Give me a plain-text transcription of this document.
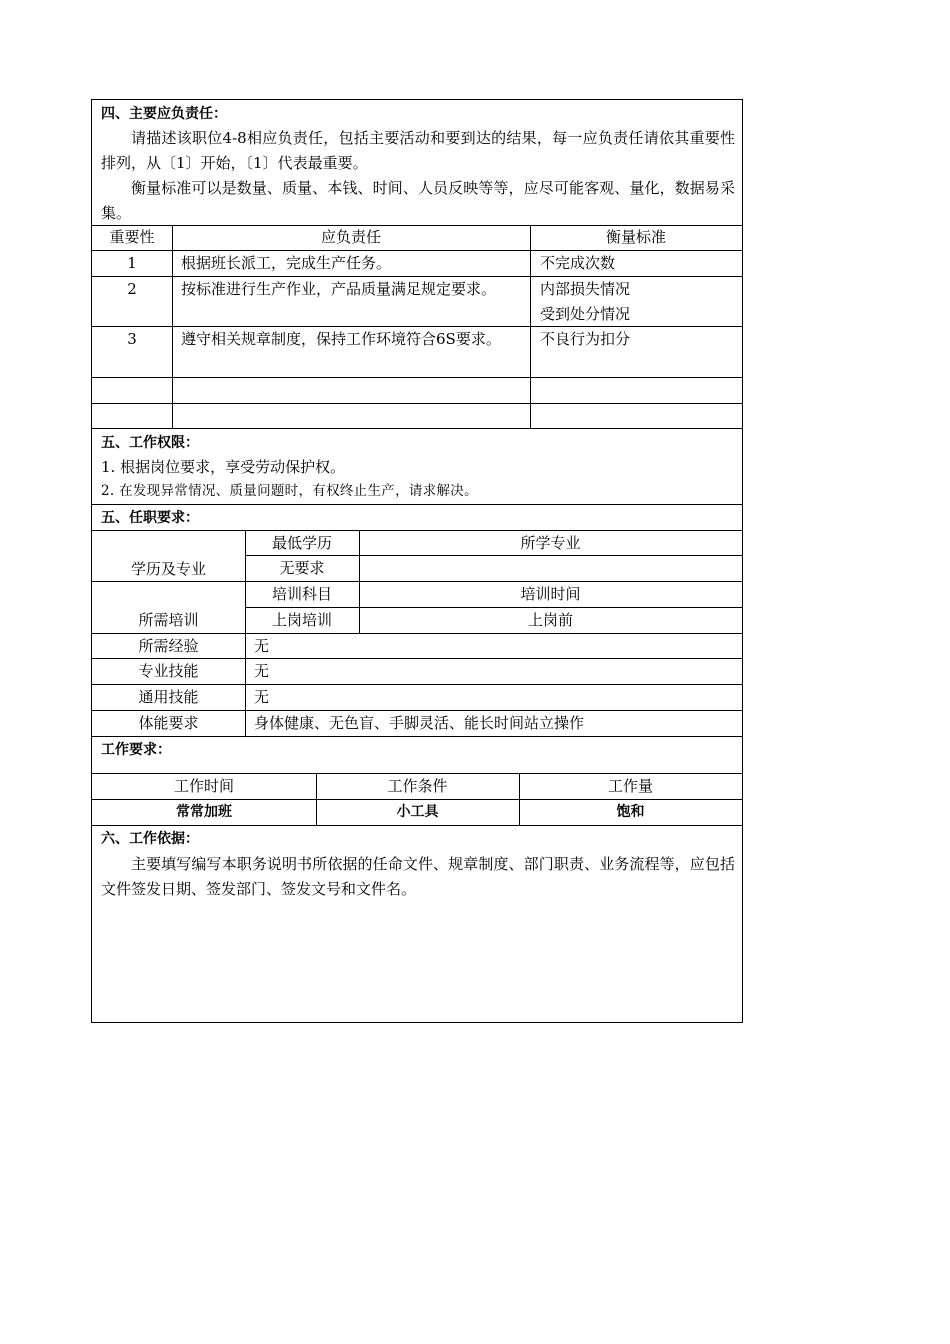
四、主要应负责任：
请描述该职位4-8相应负责任，包括主要活动和要到达的结果，每一应负责任请依其重要性排列，从〔1〕开始，〔1〕代表最重要。
衡量标准可以是数量、质量、本钱、时间、人员反映等等，应尽可能客观、量化，数据易采集。
重要性	应负责任	衡量标准
1	根据班长派工，完成生产任务。	不完成次数
2	按标准进行生产作业，产品质量满足规定要求。	内部损失情况
受到处分情况
3	遵守相关规章制度，保持工作环境符合6S要求。	不良行为扣分
五、工作权限：
1. 根据岗位要求，享受劳动保护权。
2. 在发现异常情况、质量问题时，有权终止生产，请求解决。
五、任职要求：
学历及专业
最低学历	所学专业
无要求
所需培训
培训科目	培训时间
上岗培训	上岗前
所需经验	无
专业技能	无
通用技能	无
体能要求	身体健康、无色盲、手脚灵活、能长时间站立操作
工作要求：
工作时间	工作条件	工作量
常常加班	小工具	饱和
六、工作依据：
主要填写编写本职务说明书所依据的任命文件、规章制度、部门职责、业务流程等，应包括文件签发日期、签发部门、签发文号和文件名。
